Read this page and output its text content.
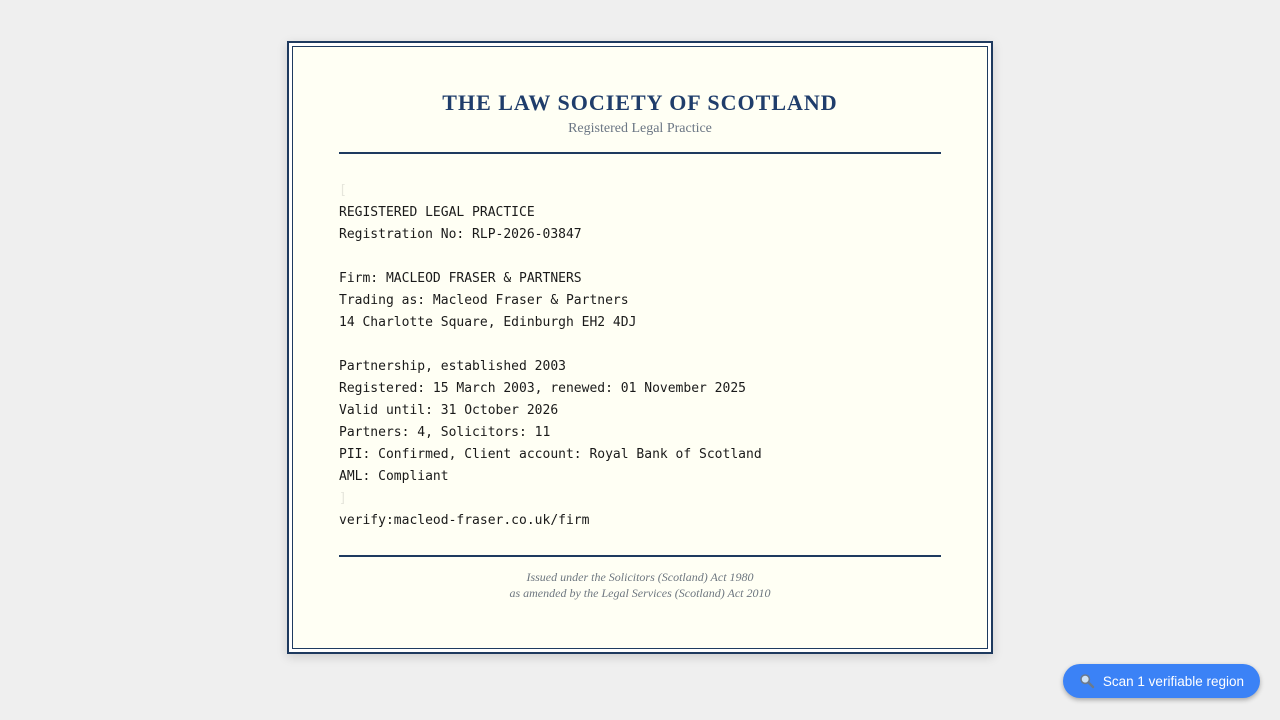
THE LAW SOCIETY OF SCOTLAND
Registered Legal Practice
[
REGISTERED LEGAL PRACTICE
Registration No: RLP-2026-03847

Firm: MACLEOD FRASER & PARTNERS
Trading as: Macleod Fraser & Partners
14 Charlotte Square, Edinburgh EH2 4DJ

Partnership, established 2003
Registered: 15 March 2003, renewed: 01 November 2025
Valid until: 31 October 2026
Partners: 4, Solicitors: 11
PII: Confirmed, Client account: Royal Bank of Scotland
AML: Compliant
]
verify:macleod-fraser.co.uk/firm
Issued under the Solicitors (Scotland) Act 1980
as amended by the Legal Services (Scotland) Act 2010
Scan 1 verifiable region
